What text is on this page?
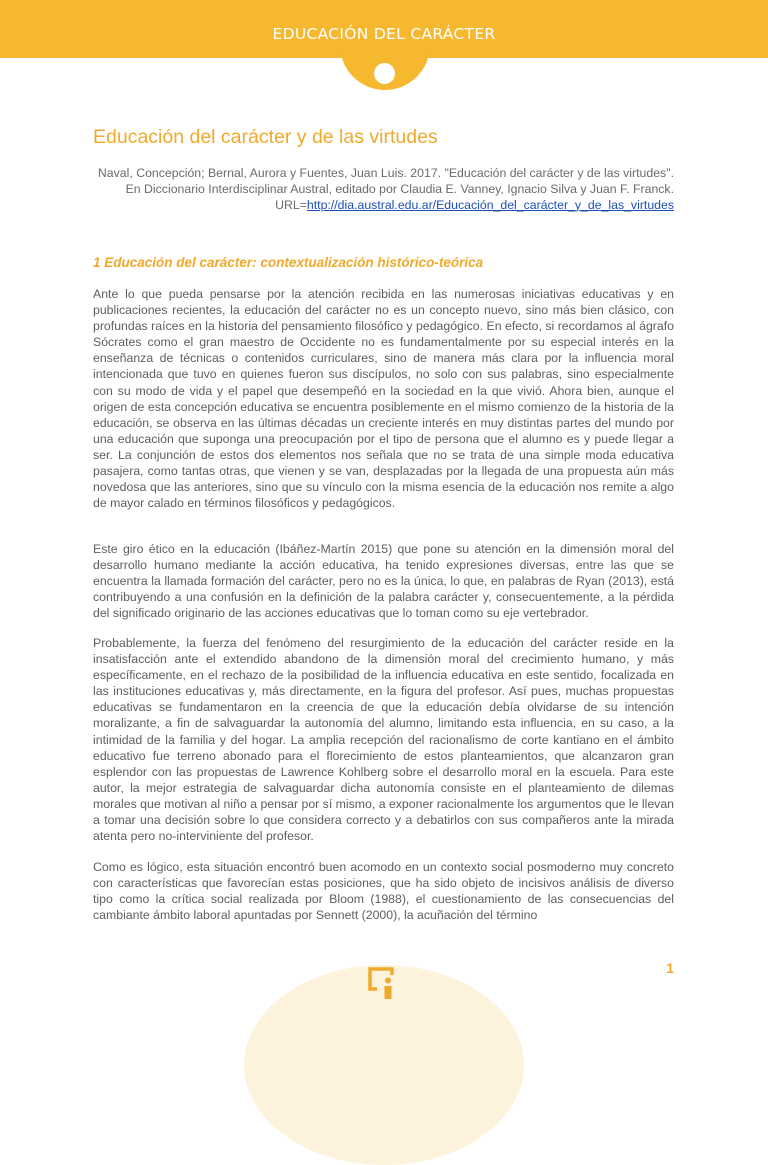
EDUCACIÓN DEL CARÁCTER
Educación del carácter y de las virtudes

Naval, Concepción; Bernal, Aurora y Fuentes, Juan Luis. 2017. "Educación del carácter y de las virtudes". En Diccionario Interdisciplinar Austral, editado por Claudia E. Vanney, Ignacio Silva y Juan F. Franck. URL=http://dia.austral.edu.ar/Educación_del_carácter_y_de_las_virtudes

1 Educación del carácter: contextualización histórico-teórica

Ante lo que pueda pensarse por la atención recibida en las numerosas iniciativas educativas y en publicaciones recientes, la educación del carácter no es un concepto nuevo, sino más bien clásico, con profundas raíces en la historia del pensamiento filosófico y pedagógico. En efecto, si recordamos al ágrafo Sócrates como el gran maestro de Occidente no es fundamentalmente por su especial interés en la enseñanza de técnicas o contenidos curriculares, sino de manera más clara por la influencia moral intencionada que tuvo en quienes fueron sus discípulos, no solo con sus palabras, sino especialmente con su modo de vida y el papel que desempeñó en la sociedad en la que vivió. Ahora bien, aunque el origen de esta concepción educativa se encuentra posiblemente en el mismo comienzo de la historia de la educación, se observa en las últimas décadas un creciente interés en muy distintas partes del mundo por una educación que suponga una preocupación por el tipo de persona que el alumno es y puede llegar a ser. La conjunción de estos dos elementos nos señala que no se trata de una simple moda educativa pasajera, como tantas otras, que vienen y se van, desplazadas por la llegada de una propuesta aún más novedosa que las anteriores, sino que su vínculo con la misma esencia de la educación nos remite a algo de mayor calado en términos filosóficos y pedagógicos.

Este giro ético en la educación (Ibáñez-Martín 2015) que pone su atención en la dimensión moral del desarrollo humano mediante la acción educativa, ha tenido expresiones diversas, entre las que se encuentra la llamada formación del carácter, pero no es la única, lo que, en palabras de Ryan (2013), está contribuyendo a una confusión en la definición de la palabra carácter y, consecuentemente, a la pérdida del significado originario de las acciones educativas que lo toman como su eje vertebrador.

Probablemente, la fuerza del fenómeno del resurgimiento de la educación del carácter reside en la insatisfacción ante el extendido abandono de la dimensión moral del crecimiento humano, y más específicamente, en el rechazo de la posibilidad de la influencia educativa en este sentido, focalizada en las instituciones educativas y, más directamente, en la figura del profesor. Así pues, muchas propuestas educativas se fundamentaron en la creencia de que la educación debía olvidarse de su intención moralizante, a fin de salvaguardar la autonomía del alumno, limitando esta influencia, en su caso, a la intimidad de la familia y del hogar. La amplia recepción del racionalismo de corte kantiano en el ámbito educativo fue terreno abonado para el florecimiento de estos planteamientos, que alcanzaron gran esplendor con las propuestas de Lawrence Kohlberg sobre el desarrollo moral en la escuela. Para este autor, la mejor estrategia de salvaguardar dicha autonomía consiste en el planteamiento de dilemas morales que motivan al niño a pensar por sí mismo, a exponer racionalmente los argumentos que le llevan a tomar una decisión sobre lo que considera correcto y a debatirlos con sus compañeros ante la mirada atenta pero no-interviniente del profesor.

Como es lógico, esta situación encontró buen acomodo en un contexto social posmoderno muy concreto con características que favorecían estas posiciones, que ha sido objeto de incisivos análisis de diverso tipo como la crítica social realizada por Bloom (1988), el cuestionamiento de las consecuencias del cambiante ámbito laboral apuntadas por Sennett (2000), la acuñación del término

1
